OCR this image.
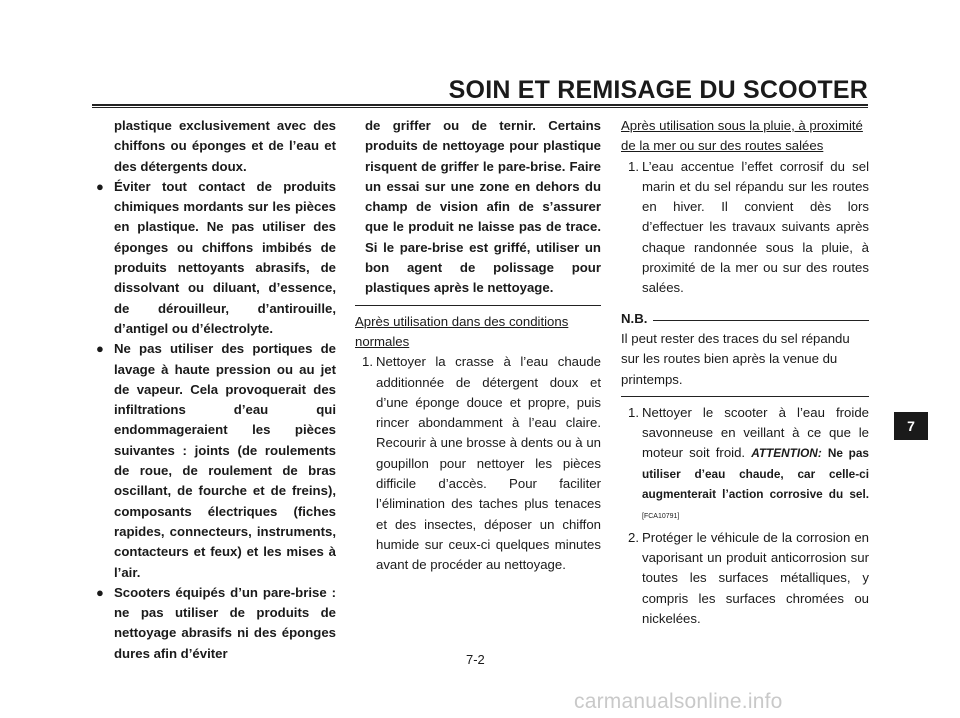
SOIN ET REMISAGE DU SCOOTER
plastique exclusivement avec des chiffons ou éponges et de l’eau et des détergents doux.
● Éviter tout contact de produits chimiques mordants sur les pièces en plastique. Ne pas utiliser des éponges ou chiffons imbibés de produits nettoyants abrasifs, de dissolvant ou diluant, d’essence, de dérouilleur, d’antirouille, d’antigel ou d’électrolyte.
● Ne pas utiliser des portiques de lavage à haute pression ou au jet de vapeur. Cela provoquerait des infiltrations d’eau qui endommageraient les pièces suivantes : joints (de roulements de roue, de roulement de bras oscillant, de fourche et de freins), composants électriques (fiches rapides, connecteurs, instruments, contacteurs et feux) et les mises à l’air.
● Scooters équipés d’un pare-brise : ne pas utiliser de produits de nettoyage abrasifs ni des éponges dures afin d’éviter
de griffer ou de ternir. Certains produits de nettoyage pour plastique risquent de griffer le pare-brise. Faire un essai sur une zone en dehors du champ de vision afin de s’assurer que le produit ne laisse pas de trace. Si le pare-brise est griffé, utiliser un bon agent de polissage pour plastiques après le nettoyage.
Après utilisation dans des conditions normales
1. Nettoyer la crasse à l’eau chaude additionnée de détergent doux et d’une éponge douce et propre, puis rincer abondamment à l’eau claire. Recourir à une brosse à dents ou à un goupillon pour nettoyer les pièces difficile d’accès. Pour faciliter l’élimination des taches plus tenaces et des insectes, déposer un chiffon humide sur ceux-ci quelques minutes avant de procéder au nettoyage.
Après utilisation sous la pluie, à proximité de la mer ou sur des routes salées
1. L’eau accentue l’effet corrosif du sel marin et du sel répandu sur les routes en hiver. Il convient dès lors d’effectuer les travaux suivants après chaque randonnée sous la pluie, à proximité de la mer ou sur des routes salées.
N.B.
Il peut rester des traces du sel répandu sur les routes bien après la venue du printemps.
1. Nettoyer le scooter à l’eau froide savonneuse en veillant à ce que le moteur soit froid. ATTENTION: Ne pas utiliser d’eau chaude, car celle-ci augmenterait l’action corrosive du sel. [FCA10791]
2. Protéger le véhicule de la corrosion en vaporisant un produit anticorrosion sur toutes les surfaces métalliques, y compris les surfaces chromées ou nickelées.
7
7-2
carmanualsonline.info
